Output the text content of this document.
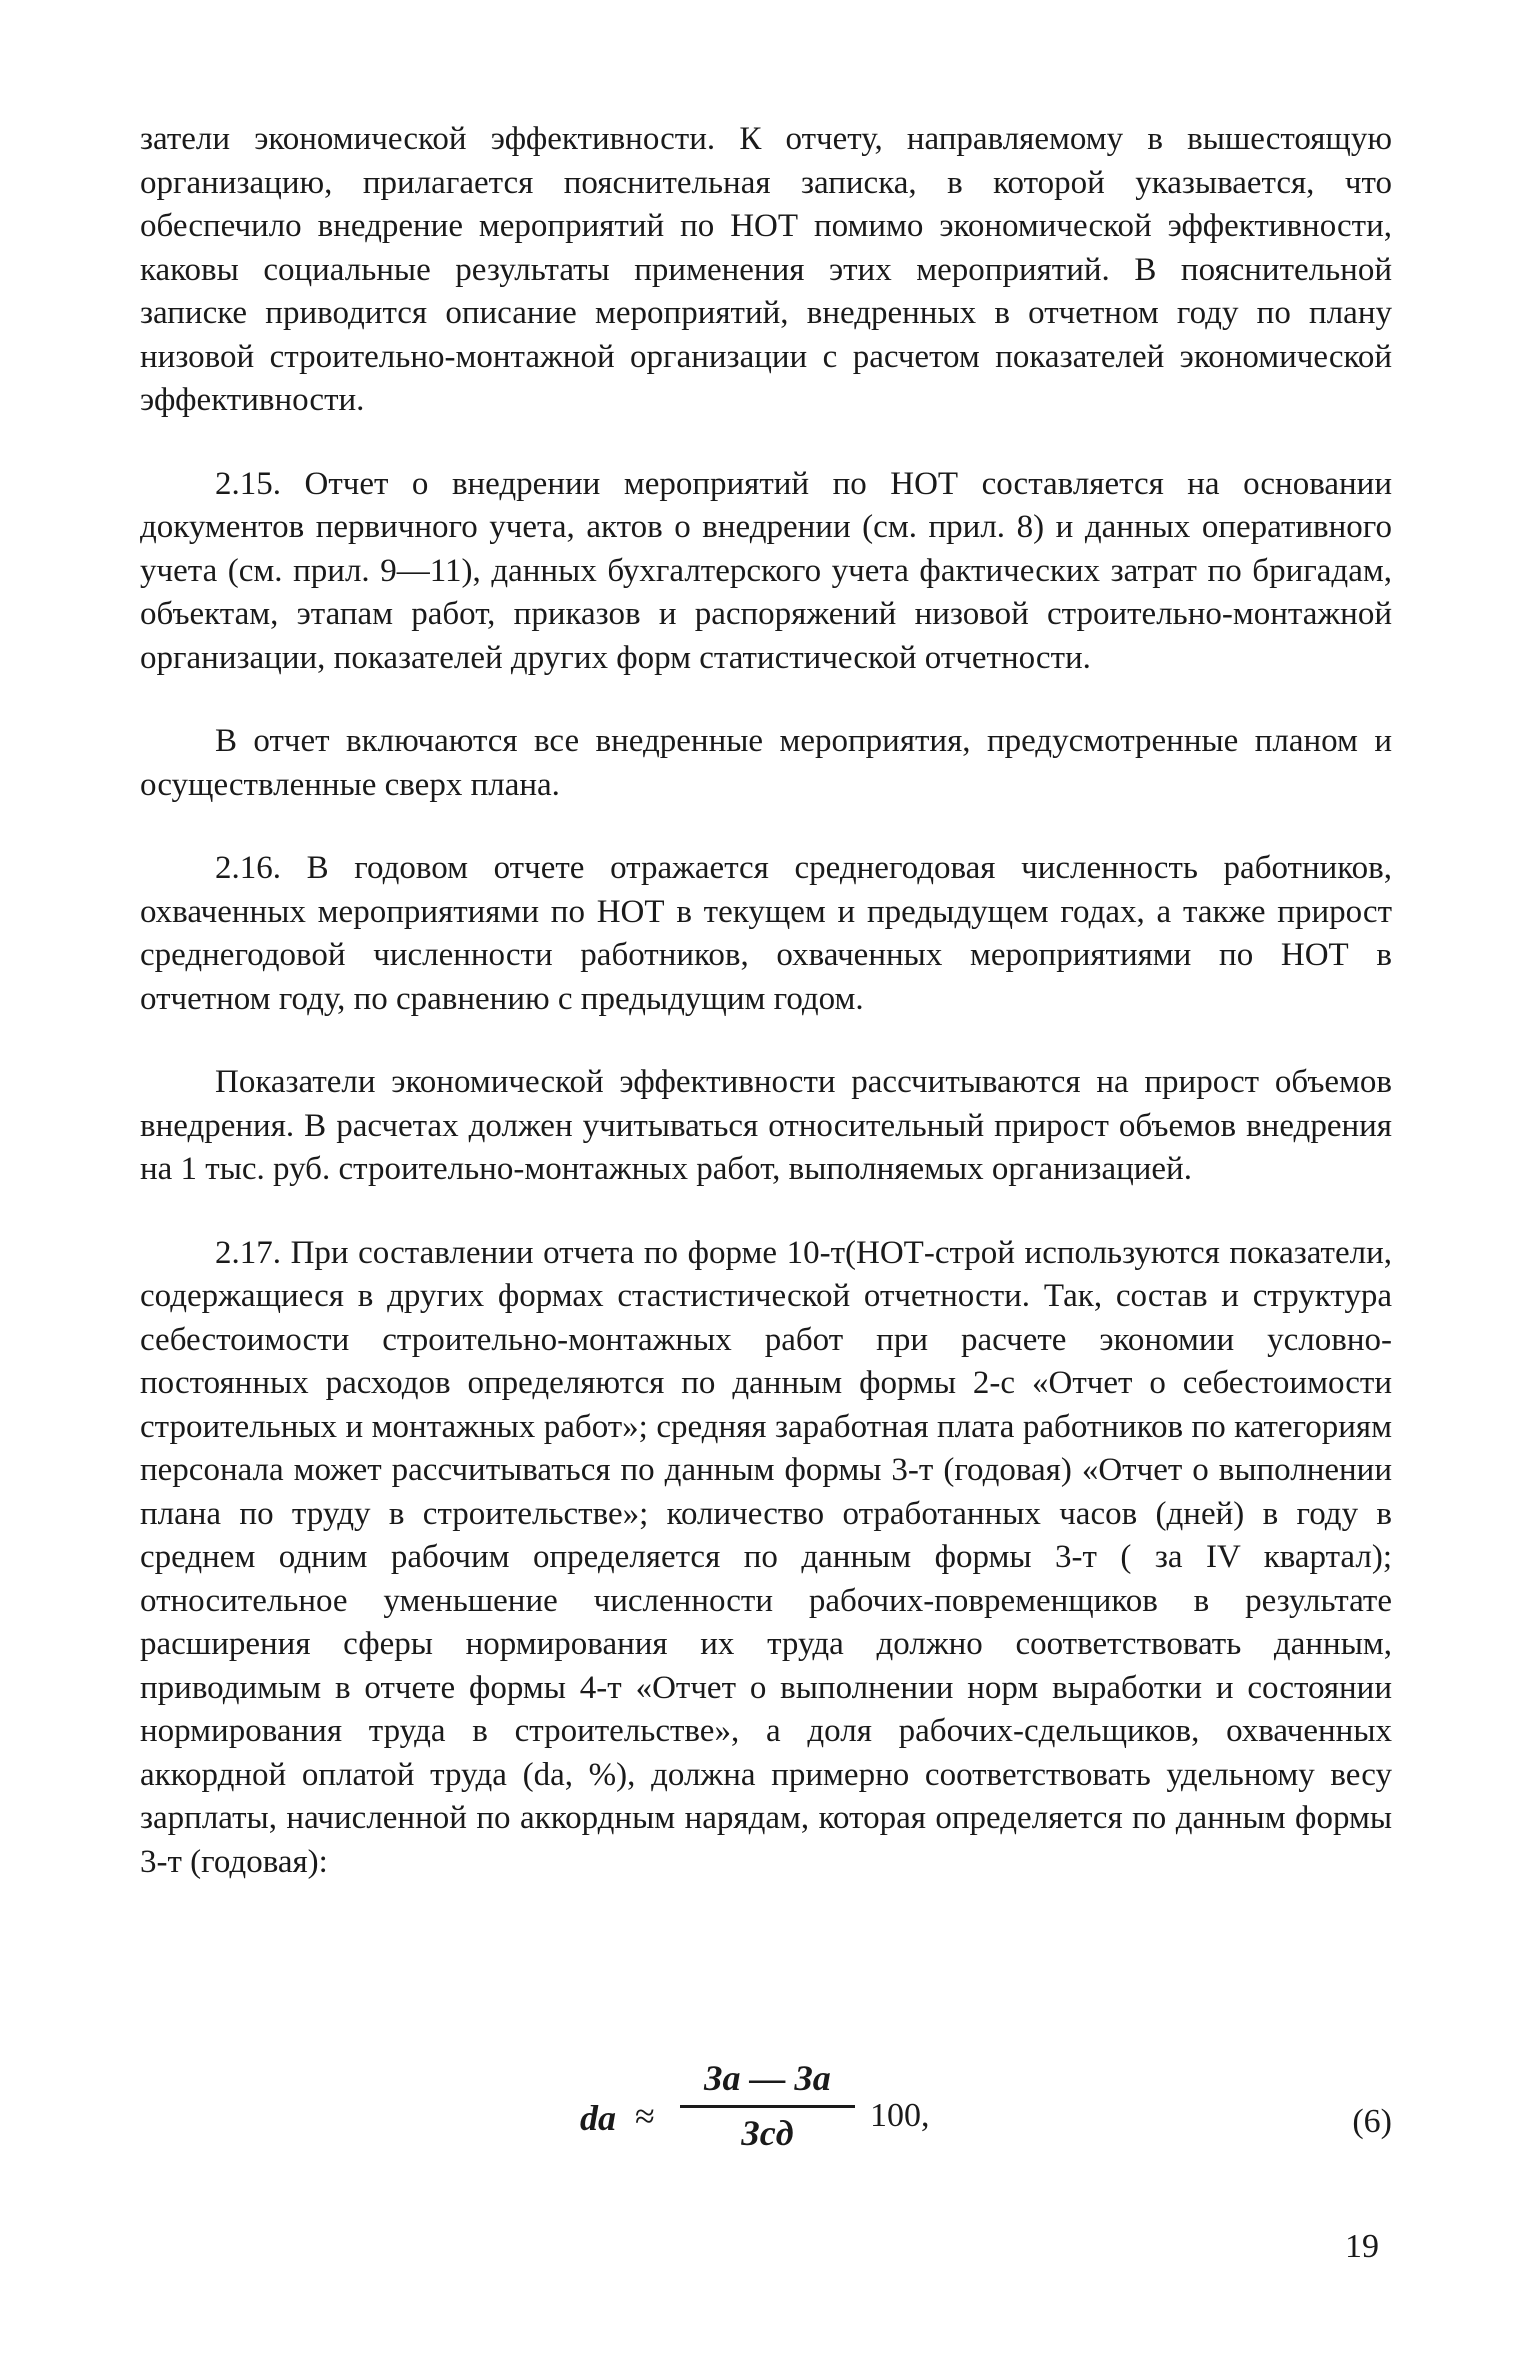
затели экономической эффективности. К отчету, направляемому в вышестоящую организацию, прилагается пояснительная записка, в которой указывается, что обеспечило внедрение мероприятий по НОТ помимо экономической эффективности, каковы социальные результаты применения этих мероприятий. В пояснительной записке приводится описание мероприятий, внедренных в отчетном году по плану низовой строительно-монтажной организации с расчетом показателей экономической эффективности.

2.15. Отчет о внедрении мероприятий по НОТ составляется на основании документов первичного учета, актов о внедрении (см. прил. 8) и данных оперативного учета (см. прил. 9—11), данных бухгалтерского учета фактических затрат по бригадам, объектам, этапам работ, приказов и распоряжений низовой строительно-монтажной организации, показателей других форм статистической отчетности.

В отчет включаются все внедренные мероприятия, предусмотренные планом и осуществленные сверх плана.

2.16. В годовом отчете отражается среднегодовая численность работников, охваченных мероприятиями по НОТ в текущем и предыдущем годах, а также прирост среднегодовой численности работников, охваченных мероприятиями по НОТ в отчетном году, по сравнению с предыдущим годом.

Показатели экономической эффективности рассчитываются на прирост объемов внедрения. В расчетах должен учитываться относительный прирост объемов внедрения на 1 тыс. руб. строительно-монтажных работ, выполняемых организацией.

2.17. При составлении отчета по форме 10-т(НОТ-строй используются показатели, содержащиеся в других формах стастистической отчетности. Так, состав и структура себестоимости строительно-монтажных работ при расчете экономии условно-постоянных расходов определяются по данным формы 2-с «Отчет о себестоимости строительных и монтажных работ»; средняя заработная плата работников по категориям персонала может рассчитываться по данным формы 3-т (годовая) «Отчет о выполнении плана по труду в строительстве»; количество отработанных часов (дней) в году в среднем одним рабочим определяется по данным формы 3-т ( за IV квартал); относительное уменьшение численности рабочих-повременщиков в результате расширения сферы нормирования их труда должно соответствовать данным, приводимым в отчете формы 4-т «Отчет о выполнении норм выработки и состоянии нормирования труда в строительстве», а доля рабочих-сдельщиков, охваченных аккордной оплатой труда (dа, %), должна примерно соответствовать удельному весу зарплаты, начисленной по аккордным нарядам, которая определяется по данным формы 3-т (годовая):

dа ≈
За — За
Зсд	100,	(6)
19
